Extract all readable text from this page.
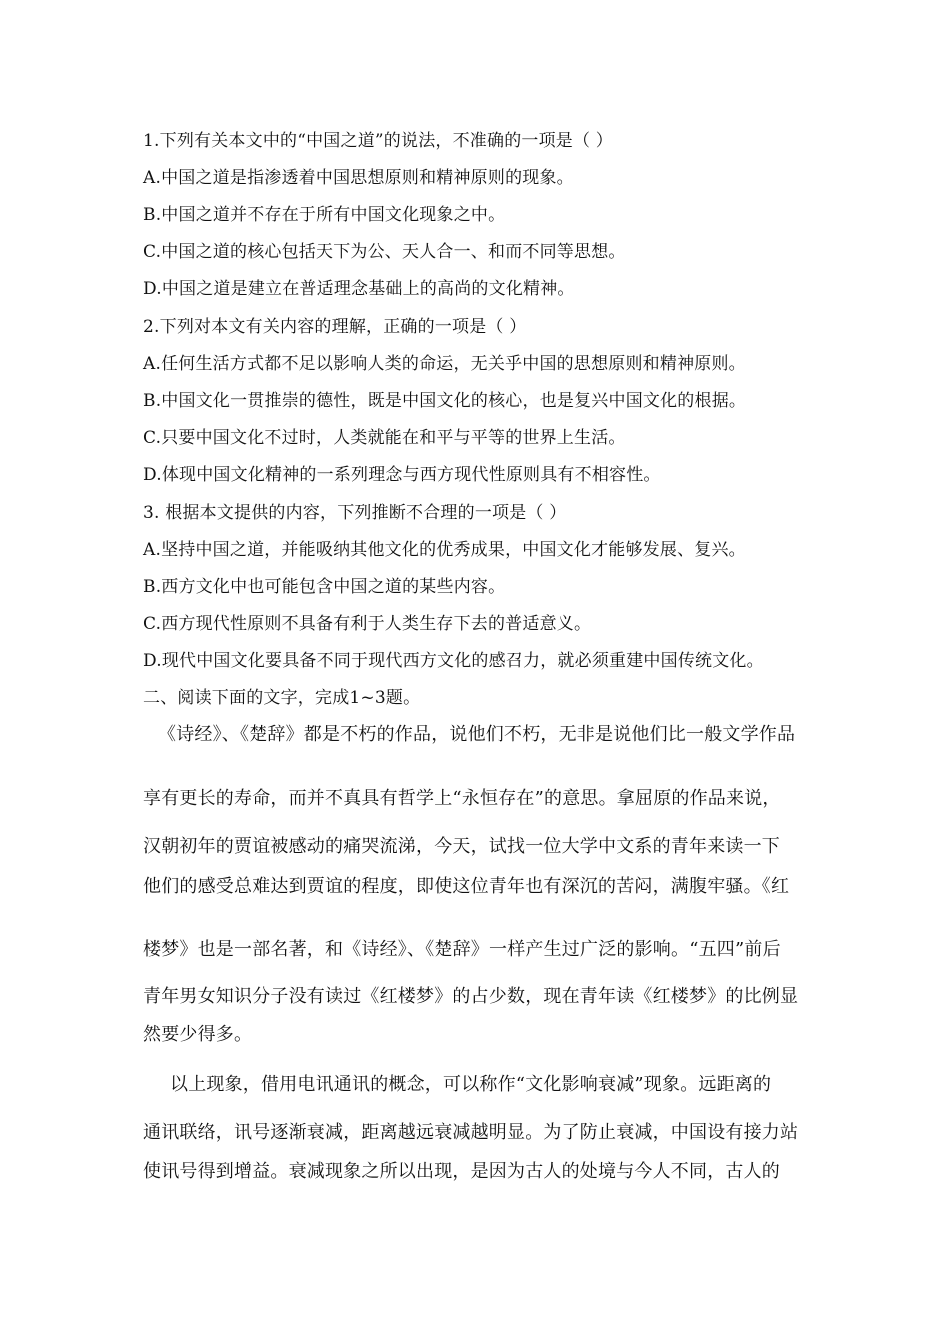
1.下列有关本文中的“中国之道”的说法，不准确的一项是（ ）
A.中国之道是指渗透着中国思想原则和精神原则的现象。
B.中国之道并不存在于所有中国文化现象之中。
C.中国之道的核心包括天下为公、天人合一、和而不同等思想。
D.中国之道是建立在普适理念基础上的高尚的文化精神。
2.下列对本文有关内容的理解，正确的一项是（ ）
A.任何生活方式都不足以影响人类的命运，无关乎中国的思想原则和精神原则。
B.中国文化一贯推崇的德性，既是中国文化的核心，也是复兴中国文化的根据。
C.只要中国文化不过时，人类就能在和平与平等的世界上生活。
D.体现中国文化精神的一系列理念与西方现代性原则具有不相容性。
3. 根据本文提供的内容，下列推断不合理的一项是（ ）
A.坚持中国之道，并能吸纳其他文化的优秀成果，中国文化才能够发展、复兴。
B.西方文化中也可能包含中国之道的某些内容。
C.西方现代性原则不具备有利于人类生存下去的普适意义。
D.现代中国文化要具备不同于现代西方文化的感召力，就必须重建中国传统文化。
二、阅读下面的文字，完成1~3题。
《诗经》、《楚辞》都是不朽的作品，说他们不朽，无非是说他们比一般文学作品
享有更长的寿命，而并不真具有哲学上“永恒存在”的意思。拿屈原的作品来说，
汉朝初年的贾谊被感动的痛哭流涕，今天，试找一位大学中文系的青年来读一下
他们的感受总难达到贾谊的程度，即使这位青年也有深沉的苦闷，满腹牢骚。《红
楼梦》也是一部名著，和《诗经》、《楚辞》一样产生过广泛的影响。“五四”前后
青年男女知识分子没有读过《红楼梦》的占少数，现在青年读《红楼梦》的比例显
然要少得多。
以上现象，借用电讯通讯的概念，可以称作“文化影响衰减”现象。远距离的
通讯联络，讯号逐渐衰减，距离越远衰减越明显。为了防止衰减，中国设有接力站
使讯号得到增益。衰减现象之所以出现，是因为古人的处境与今人不同，古人的
